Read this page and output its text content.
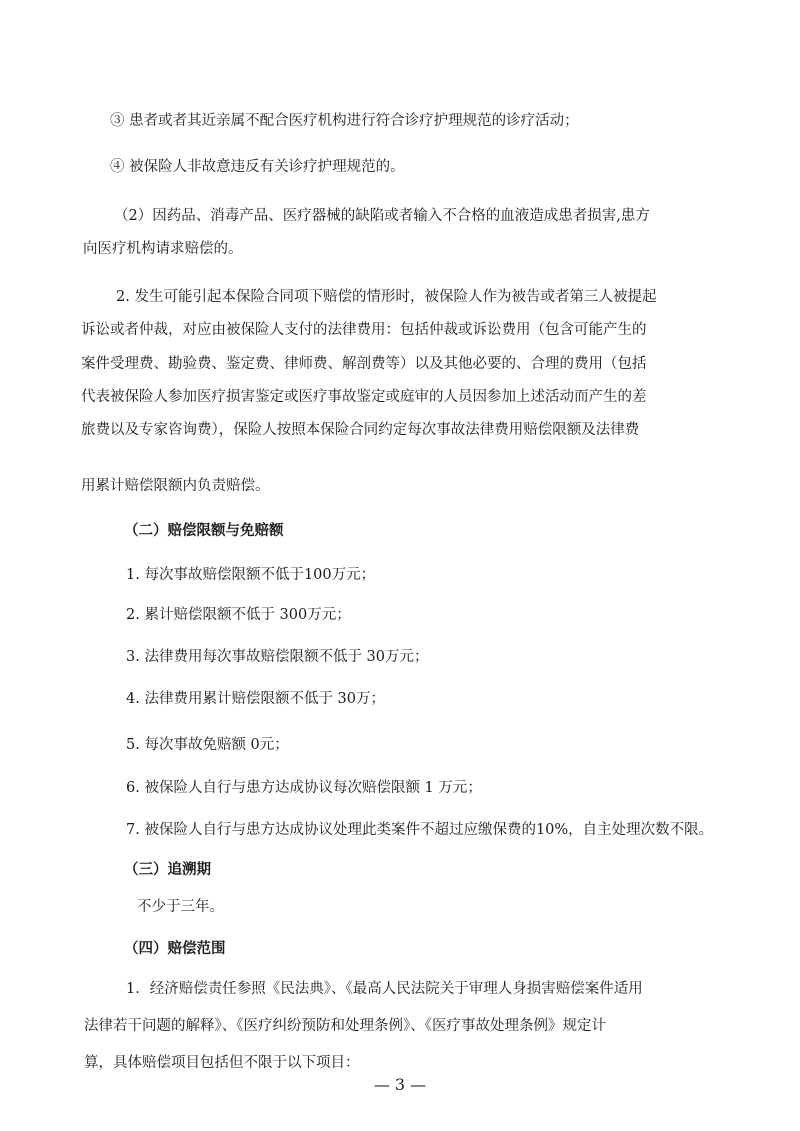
③ 患者或者其近亲属不配合医疗机构进行符合诊疗护理规范的诊疗活动；
④ 被保险人非故意违反有关诊疗护理规范的。
（2）因药品、消毒产品、医疗器械的缺陷或者输入不合格的血液造成患者损害,患方
向医疗机构请求赔偿的。
2. 发生可能引起本保险合同项下赔偿的情形时，被保险人作为被告或者第三人被提起
诉讼或者仲裁，对应由被保险人支付的法律费用：包括仲裁或诉讼费用（包含可能产生的
案件受理费、勘验费、鉴定费、律师费、解剖费等）以及其他必要的、合理的费用（包括
代表被保险人参加医疗损害鉴定或医疗事故鉴定或庭审的人员因参加上述活动而产生的差
旅费以及专家咨询费），保险人按照本保险合同约定每次事故法律费用赔偿限额及法律费
用累计赔偿限额内负责赔偿。
（二）赔偿限额与免赔额
1. 每次事故赔偿限额不低于100万元；
2. 累计赔偿限额不低于 300万元；
3. 法律费用每次事故赔偿限额不低于 30万元；
4. 法律费用累计赔偿限额不低于 30万；
5. 每次事故免赔额 0元；
6. 被保险人自行与患方达成协议每次赔偿限额 1 万元；
7. 被保险人自行与患方达成协议处理此类案件不超过应缴保费的10%，自主处理次数不限。
（三）追溯期
不少于三年。
（四）赔偿范围
1．经济赔偿责任参照《民法典》、《最高人民法院关于审理人身损害赔偿案件适用
法律若干问题的解释》、《医疗纠纷预防和处理条例》、《医疗事故处理条例》规定计
算，具体赔偿项目包括但不限于以下项目：
— 3 —
